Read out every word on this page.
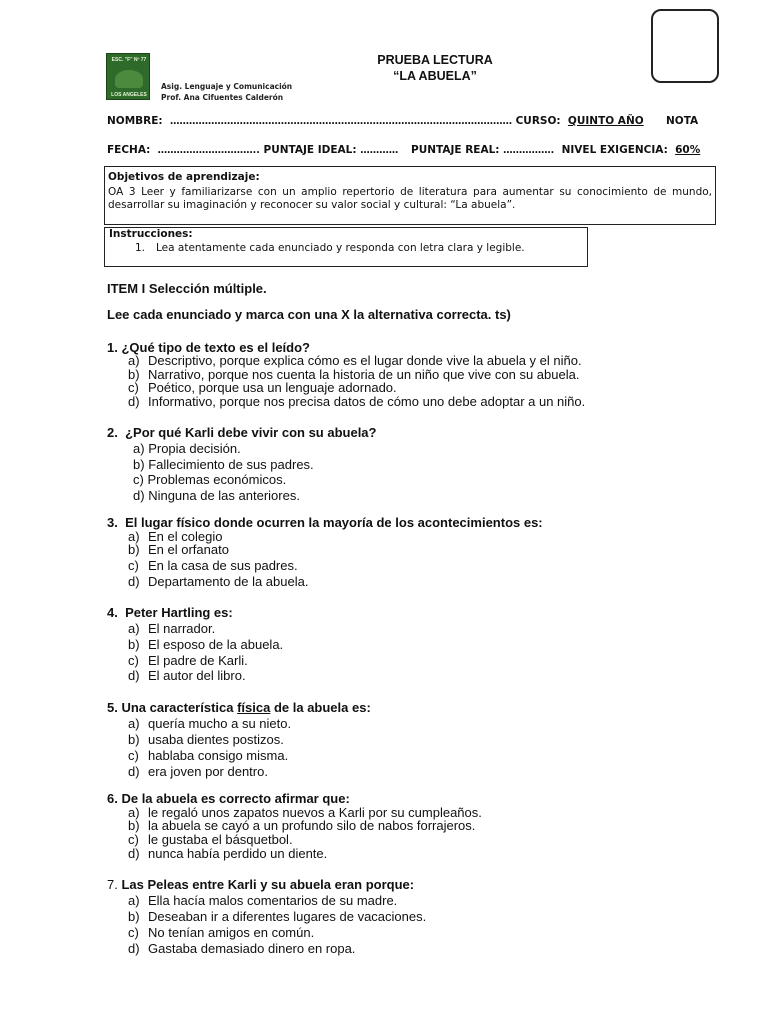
ESC. "F" Nº 77
LOS ANGELES
PRUEBA LECTURA
“LA ABUELA”
Asig. Lenguaje y Comunicación
Prof. Ana Cifuentes Calderón
NOMBRE: ……………………………………………………………………………………………… CURSO: QUINTO AÑO NOTA
FECHA: ………………………….. PUNTAJE IDEAL: ………… PUNTAJE REAL: ……………. NIVEL EXIGENCIA: 60%
Objetivos de aprendizaje:
OA 3 Leer y familiarizarse con un amplio repertorio de literatura para aumentar su conocimiento de mundo, desarrollar su imaginación y reconocer su valor social y cultural: “La abuela”.
Instrucciones:
1. Lea atentamente cada enunciado y responda con letra clara y legible.
ITEM I Selección múltiple.
Lee cada enunciado y marca con una X la alternativa correcta. ts)
1. ¿Qué tipo de texto es el leído?
a) Descriptivo, porque explica cómo es el lugar donde vive la abuela y el niño.
b) Narrativo, porque nos cuenta la historia de un niño que vive con su abuela.
c) Poético, porque usa un lenguaje adornado.
d) Informativo, porque nos precisa datos de cómo uno debe adoptar a un niño.
2. ¿Por qué Karli debe vivir con su abuela?
a) Propia decisión.
b) Fallecimiento de sus padres.
c) Problemas económicos.
d) Ninguna de las anteriores.
3. El lugar físico donde ocurren la mayoría de los acontecimientos es:
a) En el colegio
b) En el orfanato
c) En la casa de sus padres.
d) Departamento de la abuela.
4. Peter Hartling es:
a) El narrador.
b) El esposo de la abuela.
c) El padre de Karli.
d) El autor del libro.
5. Una característica física de la abuela es:
a) quería mucho a su nieto.
b) usaba dientes postizos.
c) hablaba consigo misma.
d) era joven por dentro.
6. De la abuela es correcto afirmar que:
a) le regaló unos zapatos nuevos a Karli por su cumpleaños.
b) la abuela se cayó a un profundo silo de nabos forrajeros.
c) le gustaba el básquetbol.
d) nunca había perdido un diente.
7. Las Peleas entre Karli y su abuela eran porque:
a) Ella hacía malos comentarios de su madre.
b) Deseaban ir a diferentes lugares de vacaciones.
c) No tenían amigos en común.
d) Gastaba demasiado dinero en ropa.
